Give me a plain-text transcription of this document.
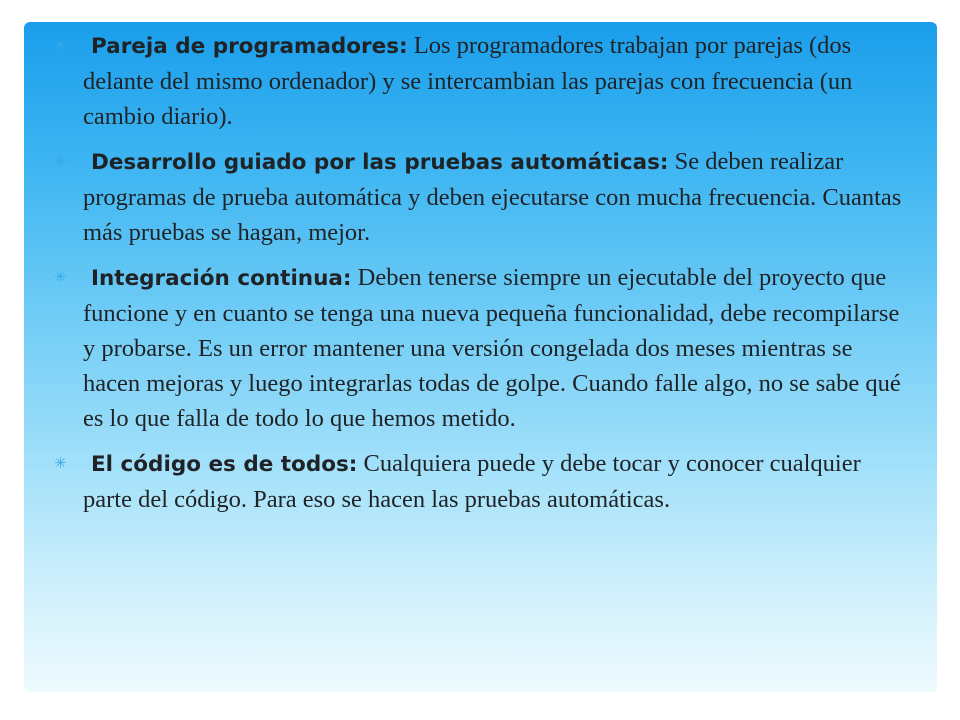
✳ Pareja de programadores: Los programadores trabajan por parejas (dos delante del mismo ordenador) y se intercambian las parejas con frecuencia (un cambio diario).
✳ Desarrollo guiado por las pruebas automáticas: Se deben realizar programas de prueba automática y deben ejecutarse con mucha frecuencia. Cuantas más pruebas se hagan, mejor.
✳ Integración continua: Deben tenerse siempre un ejecutable del proyecto que funcione y en cuanto se tenga una nueva pequeña funcionalidad, debe recompilarse y probarse. Es un error mantener una versión congelada dos meses mientras se hacen mejoras y luego integrarlas todas de golpe. Cuando falle algo, no se sabe qué es lo que falla de todo lo que hemos metido.
✳ El código es de todos: Cualquiera puede y debe tocar y conocer cualquier parte del código. Para eso se hacen las pruebas automáticas.
